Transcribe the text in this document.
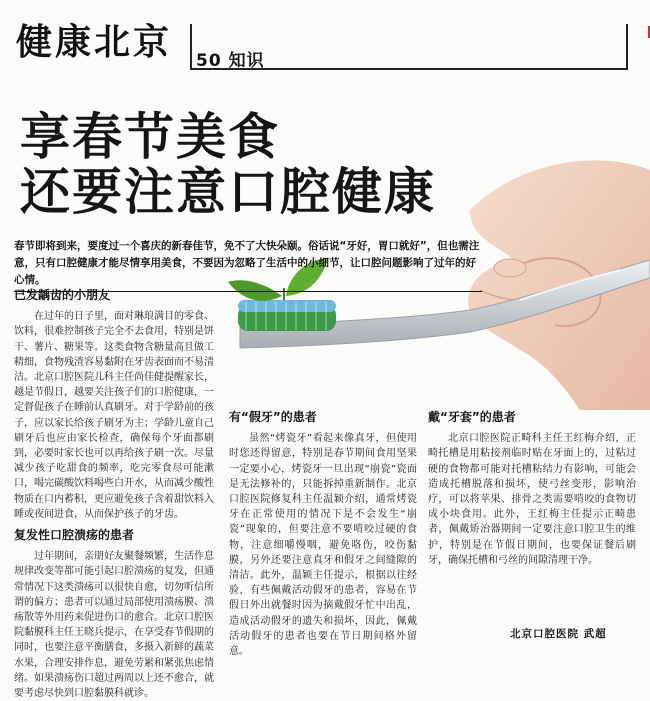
健康北京 50 知识
享春节美食
还要注意口腔健康
春节即将到来，要度过一个喜庆的新春佳节，免不了大快朵颐。俗话说“牙好，胃口就好”，但也需注意，只有口腔健康才能尽情享用美食，不要因为忽略了生活中的小细节，让口腔问题影响了过年的好心情。
已发龋齿的小朋友

在过年的日子里，面对琳琅满目的零食、饮料，很难控制孩子完全不去食用，特别是饼干、薯片、糖果等。这类食物含糖量高且做工精细，食物残渣容易黏附在牙齿表面而不易清洁。北京口腔医院儿科主任尚佳健提醒家长，越是节假日，越要关注孩子们的口腔健康，一定督促孩子在睡前认真刷牙。对于学龄前的孩子，应以家长给孩子刷牙为主；学龄儿童自己刷牙后也应由家长检查，确保每个牙面都刷到，必要时家长也可以再给孩子刷一次。尽量减少孩子吃甜食的频率，吃完零食尽可能漱口，喝完碳酸饮料喝些白开水，从而减少酸性物质在口内蓄积，更应避免孩子含着甜饮料入睡或夜间进食，从而保护孩子的牙齿。

复发性口腔溃疡的患者

过年期间，亲朋好友聚餐频繁，生活作息规律改变等都可能引起口腔溃疡的复发，但通常情况下这类溃疡可以很快自愈，切勿听信所谓的偏方；患者可以通过局部使用溃疡膜、溃疡散等外用药来促进伤口的愈合。北京口腔医院黏膜科主任王晓兵提示，在享受春节假期的同时，也要注意平衡膳食，多摄入新鲜的蔬菜水果，合理安排作息，避免劳累和紧张焦虑情绪。如果溃疡伤口超过两周以上还不愈合，就要考虑尽快到口腔黏膜科就诊。

有“假牙”的患者

虽然“烤瓷牙”看起来像真牙，但使用时您还得留意，特别是春节期间食用坚果一定要小心，烤瓷牙一旦出现“崩瓷”瓷面是无法修补的，只能拆掉重新制作。北京口腔医院修复科主任温颖介绍，通常烤瓷牙在正常使用的情况下是不会发生“崩瓷”现象的，但要注意不要啃咬过硬的食物，注意细嚼慢咽，避免咯伤，咬伤黏膜，另外还要注意真牙和假牙之间缝隙的清洁。此外，温颖主任提示，根据以往经验，有些佩戴活动假牙的患者，容易在节假日外出就餐时因为摘戴假牙忙中出乱，造成活动假牙的遗失和损坏，因此，佩戴活动假牙的患者也要在节日期间格外留意。

戴“牙套”的患者

北京口腔医院正畸科主任王红梅介绍，正畸托槽是用粘接剂临时贴在牙面上的，过粘过硬的食物都可能对托槽粘结力有影响，可能会造成托槽脱落和损坏，使弓丝变形，影响治疗，可以将苹果、排骨之类需要啃咬的食物切成小块食用。此外，王红梅主任提示正畸患者，佩戴矫治器期间一定要注意口腔卫生的维护，特别是在节假日期间，也要保证餐后刷牙，确保托槽和弓丝的间隙清理干净。

北京口腔医院 武超
